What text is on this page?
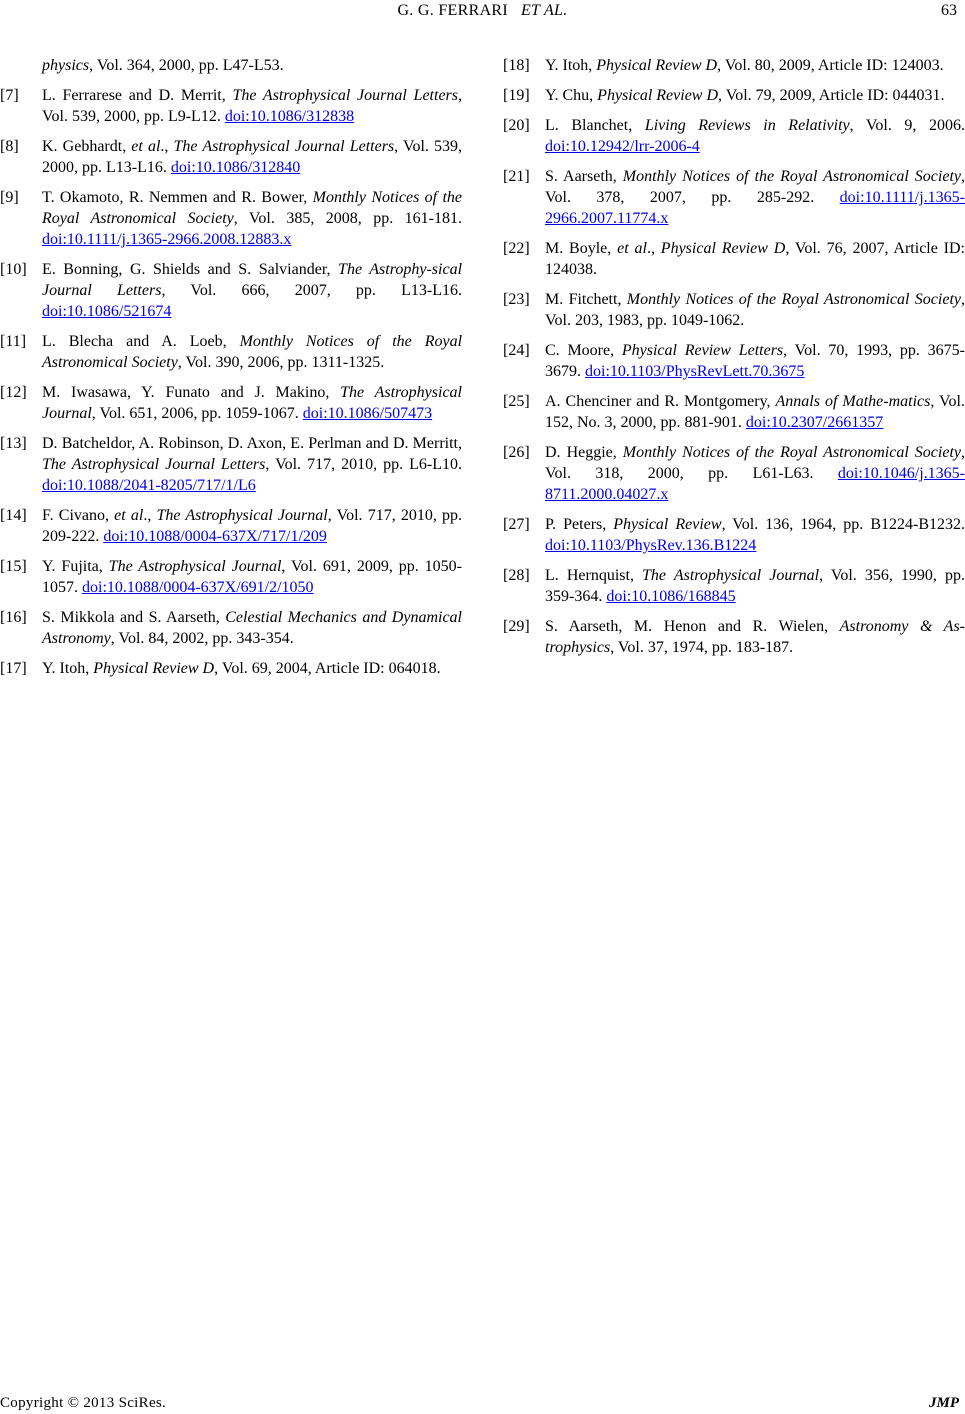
G. G. FERRARI ET AL.	63
physics, Vol. 364, 2000, pp. L47-L53.
[7] L. Ferrarese and D. Merrit, The Astrophysical Journal Letters, Vol. 539, 2000, pp. L9-L12. doi:10.1086/312838
[8] K. Gebhardt, et al., The Astrophysical Journal Letters, Vol. 539, 2000, pp. L13-L16. doi:10.1086/312840
[9] T. Okamoto, R. Nemmen and R. Bower, Monthly Notices of the Royal Astronomical Society, Vol. 385, 2008, pp. 161-181. doi:10.1111/j.1365-2966.2008.12883.x
[10] E. Bonning, G. Shields and S. Salviander, The Astrophy-sical Journal Letters, Vol. 666, 2007, pp. L13-L16. doi:10.1086/521674
[11] L. Blecha and A. Loeb, Monthly Notices of the Royal Astronomical Society, Vol. 390, 2006, pp. 1311-1325.
[12] M. Iwasawa, Y. Funato and J. Makino, The Astrophysical Journal, Vol. 651, 2006, pp. 1059-1067. doi:10.1086/507473
[13] D. Batcheldor, A. Robinson, D. Axon, E. Perlman and D. Merritt, The Astrophysical Journal Letters, Vol. 717, 2010, pp. L6-L10. doi:10.1088/2041-8205/717/1/L6
[14] F. Civano, et al., The Astrophysical Journal, Vol. 717, 2010, pp. 209-222. doi:10.1088/0004-637X/717/1/209
[15] Y. Fujita, The Astrophysical Journal, Vol. 691, 2009, pp. 1050-1057. doi:10.1088/0004-637X/691/2/1050
[16] S. Mikkola and S. Aarseth, Celestial Mechanics and Dynamical Astronomy, Vol. 84, 2002, pp. 343-354.
[17] Y. Itoh, Physical Review D, Vol. 69, 2004, Article ID: 064018.
[18] Y. Itoh, Physical Review D, Vol. 80, 2009, Article ID: 124003.
[19] Y. Chu, Physical Review D, Vol. 79, 2009, Article ID: 044031.
[20] L. Blanchet, Living Reviews in Relativity, Vol. 9, 2006. doi:10.12942/lrr-2006-4
[21] S. Aarseth, Monthly Notices of the Royal Astronomical Society, Vol. 378, 2007, pp. 285-292. doi:10.1111/j.1365-2966.2007.11774.x
[22] M. Boyle, et al., Physical Review D, Vol. 76, 2007, Article ID: 124038.
[23] M. Fitchett, Monthly Notices of the Royal Astronomical Society, Vol. 203, 1983, pp. 1049-1062.
[24] C. Moore, Physical Review Letters, Vol. 70, 1993, pp. 3675-3679. doi:10.1103/PhysRevLett.70.3675
[25] A. Chenciner and R. Montgomery, Annals of Mathe-matics, Vol. 152, No. 3, 2000, pp. 881-901. doi:10.2307/2661357
[26] D. Heggie, Monthly Notices of the Royal Astronomical Society, Vol. 318, 2000, pp. L61-L63. doi:10.1046/j.1365-8711.2000.04027.x
[27] P. Peters, Physical Review, Vol. 136, 1964, pp. B1224-B1232. doi:10.1103/PhysRev.136.B1224
[28] L. Hernquist, The Astrophysical Journal, Vol. 356, 1990, pp. 359-364. doi:10.1086/168845
[29] S. Aarseth, M. Henon and R. Wielen, Astronomy & As-trophysics, Vol. 37, 1974, pp. 183-187.
Copyright © 2013 SciRes.	JMP
